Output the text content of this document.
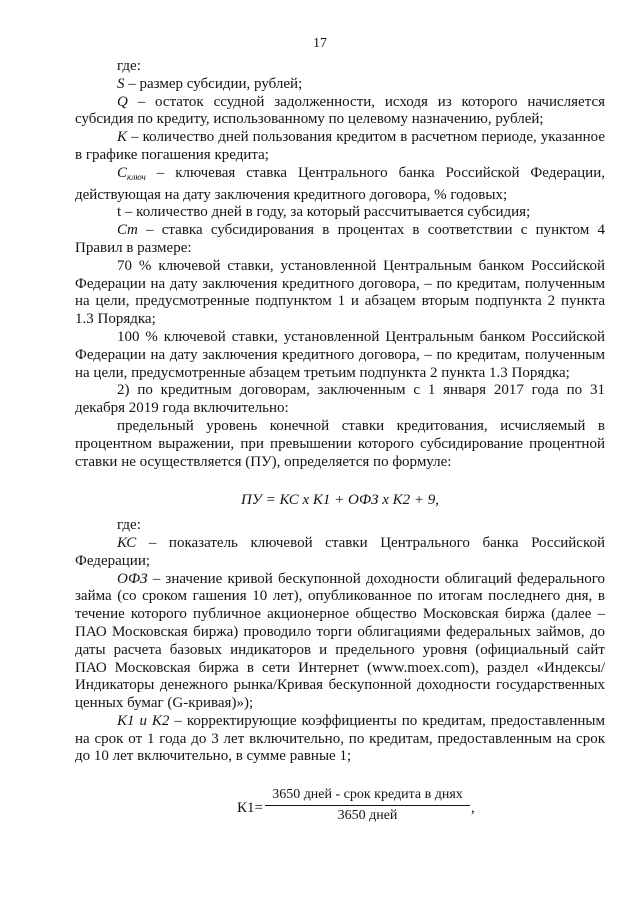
17

где:

S – размер субсидии, рублей;

Q – остаток ссудной задолженности, исходя из которого начисляется субсидия по кредиту, использованному по целевому назначению, рублей;

K – количество дней пользования кредитом в расчетном периоде, указанное в графике погашения кредита;

$С_{ключ}$ – ключевая ставка Центрального банка Российской Федерации, действующая на дату заключения кредитного договора, % годовых;

t – количество дней в году, за который рассчитывается субсидия;

Cm – ставка субсидирования в процентах в соответствии с пунктом 4 Правил в размере:

70 % ключевой ставки, установленной Центральным банком Российской Федерации на дату заключения кредитного договора, – по кредитам, полученным на цели, предусмотренные подпунктом 1 и абзацем вторым подпункта 2 пункта 1.3 Порядка;

100 % ключевой ставки, установленной Центральным банком Российской Федерации на дату заключения кредитного договора, – по кредитам, полученным на цели, предусмотренные абзацем третьим подпункта 2 пункта 1.3 Порядка;

2) по кредитным договорам, заключенным с 1 января 2017 года по 31 декабря 2019 года включительно:

предельный уровень конечной ставки кредитования, исчисляемый в процентном выражении, при превышении которого субсидирование процентной ставки не осуществляется (ПУ), определяется по формуле:

ПУ = КС х К1 + ОФЗ х К2 + 9,

где:

КС – показатель ключевой ставки Центрального банка Российской Федерации;

ОФЗ – значение кривой бескупонной доходности облигаций федерального займа (со сроком гашения 10 лет), опубликованное по итогам последнего дня, в течение которого публичное акционерное общество Московская биржа (далее – ПАО Московская биржа) проводило торги облигациями федеральных займов, до даты расчета базовых индикаторов и предельного уровня (официальный сайт ПАО Московская биржа в сети Интернет (www.moex.com), раздел «Индексы/Индикаторы денежного рынка/Кривая бескупонной доходности государственных ценных бумаг (G-кривая)»);

К1 и К2 – корректирующие коэффициенты по кредитам, предоставленным на срок от 1 года до 3 лет включительно, по кредитам, предоставленным на срок до 10 лет включительно, в сумме равные 1;

К1=
3650 дней - срок кредита в днях
3650 дней	,
